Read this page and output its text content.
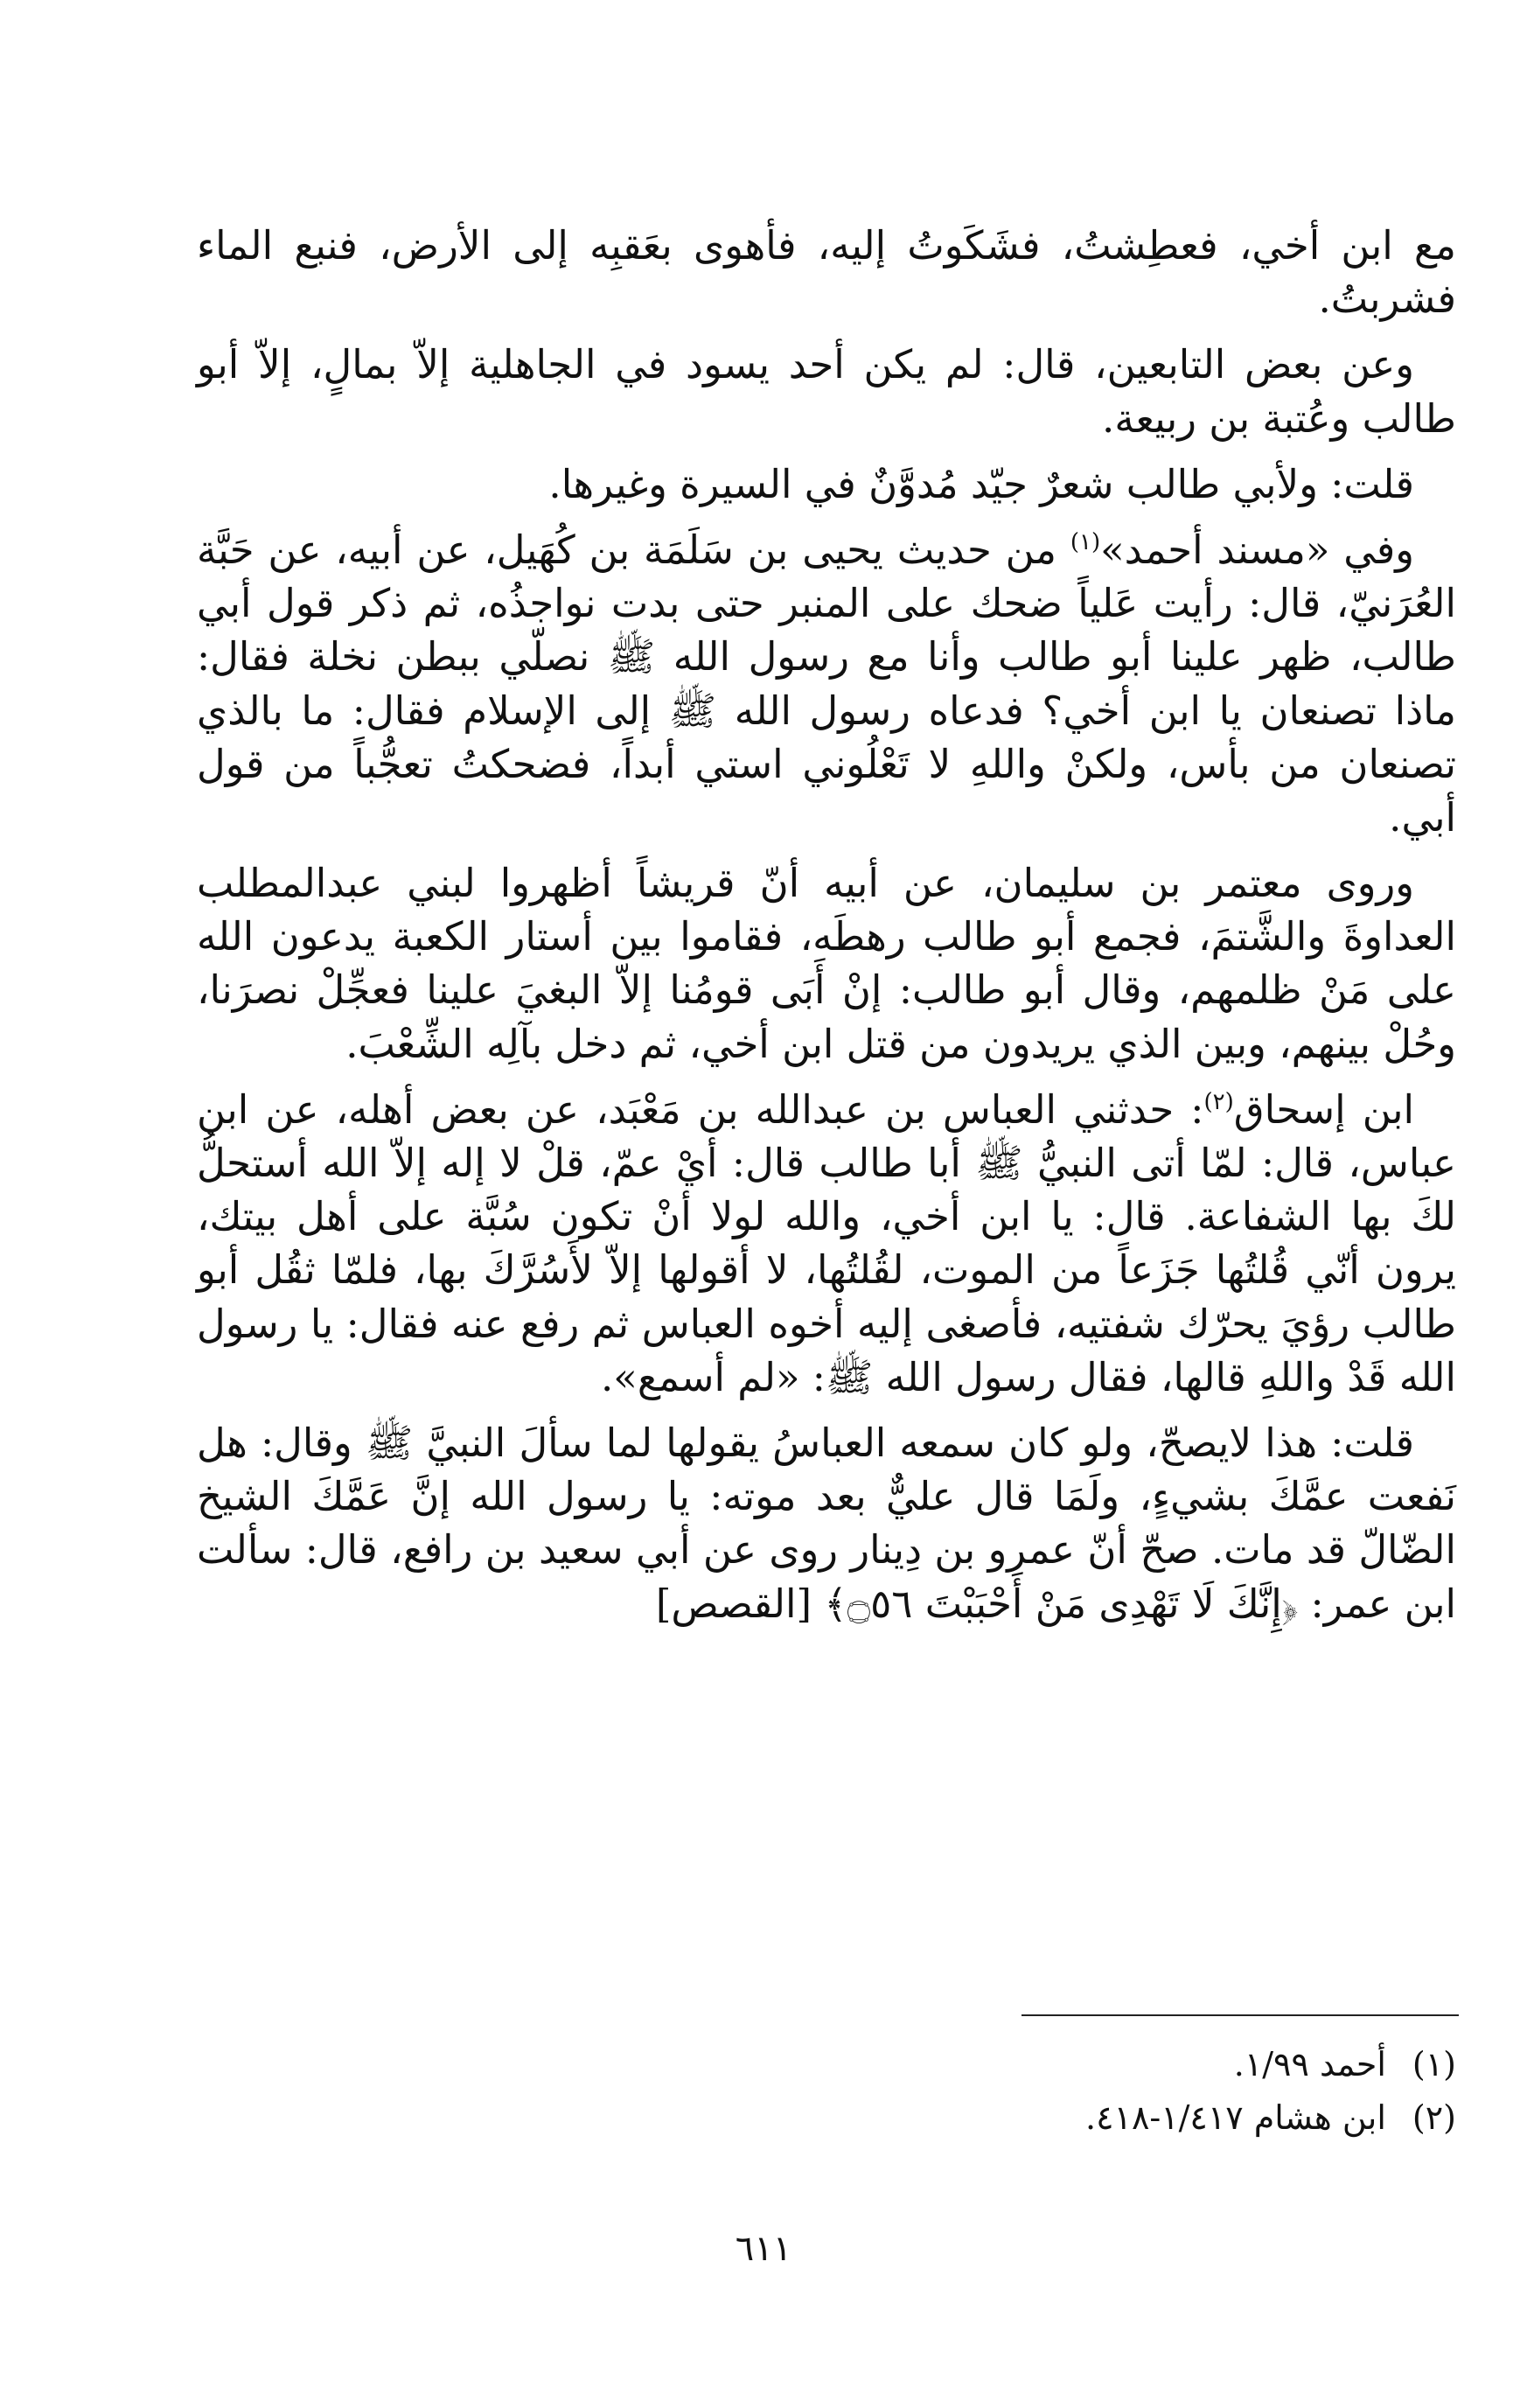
مع ابن أخي، فعطِشتُ، فشَكَوتُ إليه، فأهوى بعَقبِه إلى الأرض، فنبع الماء فشربتُ.

وعن بعض التابعين، قال: لم يكن أحد يسود في الجاهلية إلاّ بمالٍ، إلاّ أبو طالب وعُتبة بن ربيعة.

قلت: ولأبي طالب شعرٌ جيّد مُدوَّنٌ في السيرة وغيرها.

وفي «مسند أحمد»$^{(١)}$ من حديث يحيى بن سَلَمَة بن كُهَيل، عن أبيه، عن حَبَّة العُرَنيّ، قال: رأيت عَلياً ضحك على المنبر حتى بدت نواجذُه، ثم ذكر قول أبي طالب، ظهر علينا أبو طالب وأنا مع رسول الله ﷺ نصلّي ببطن نخلة فقال: ماذا تصنعان يا ابن أخي؟ فدعاه رسول الله ﷺ إلى الإسلام فقال: ما بالذي تصنعان من بأس، ولكنْ واللهِ لا تَعْلُوني استي أبداً، فضحكتُ تعجُّباً من قول أبي.

وروى معتمر بن سليمان، عن أبيه أنّ قريشاً أظهروا لبني عبدالمطلب العداوةَ والشَّتمَ، فجمع أبو طالب رهطَه، فقاموا بين أستار الكعبة يدعون الله على مَنْ ظلمهم، وقال أبو طالب: إنْ أَبَى قومُنا إلاّ البغيَ علينا فعجِّلْ نصرَنا، وحُلْ بينهم، وبين الذي يريدون من قتل ابن أخي، ثم دخل بآلِه الشِّعْبَ.

ابن إسحاق$^{(٢)}$: حدثني العباس بن عبدالله بن مَعْبَد، عن بعض أهله، عن ابن عباس، قال: لمّا أتى النبيُّ ﷺ أبا طالب قال: أيْ عمّ، قلْ لا إله إلاّ الله أستحلُّ لكَ بها الشفاعة. قال: يا ابن أخي، والله لولا أنْ تكون سُبَّة على أهل بيتك، يرون أنّي قُلتُها جَزَعاً من الموت، لقُلتُها، لا أقولها إلاّ لأَسُرَّكَ بها، فلمّا ثقُل أبو طالب رؤيَ يحرّك شفتيه، فأصغى إليه أخوه العباس ثم رفع عنه فقال: يا رسول الله قَدْ واللهِ قالها، فقال رسول الله ﷺ: «لم أسمع».

قلت: هذا لايصحّ، ولو كان سمعه العباسُ يقولها لما سألَ النبيَّ ﷺ وقال: هل نَفعت عمَّكَ بشيءٍ، ولَمَا قال عليٌّ بعد موته: يا رسول الله إنَّ عَمَّكَ الشيخ الضّالّ قد مات. صحّ أنّ عمرو بن دِينار روى عن أبي سعيد بن رافع، قال: سألت ابن عمر: ﴿إِنَّكَ لَا تَهْدِى مَنْ أَحْبَبْتَ ۝٥٦﴾ [القصص]

(١)أحمد ١/٩٩.
(٢)ابن هشام ١/٤١٧-٤١٨.
٦١١
